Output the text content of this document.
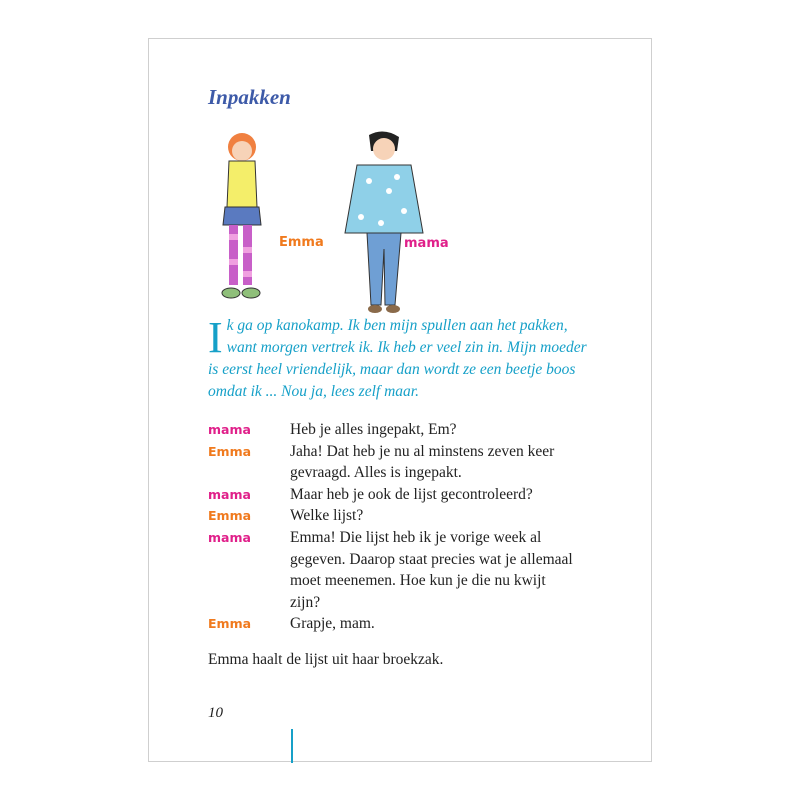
Inpakken
Emma	mama
I k ga op kanokamp. Ik ben mijn spullen aan het pakken, want morgen vertrek ik. Ik heb er veel zin in. Mijn moeder is eerst heel vriendelijk, maar dan wordt ze een beetje boos omdat ik ... Nou ja, lees zelf maar.
mama	Heb je alles ingepakt, Em?
Emma	Jaha! Dat heb je nu al minstens zeven keer
gevraagd. Alles is ingepakt.
mama	Maar heb je ook de lijst gecontroleerd?
Emma	Welke lijst?
mama	Emma! Die lijst heb ik je vorige week al
gegeven. Daarop staat precies wat je allemaal
moet meenemen. Hoe kun je die nu kwijt
zijn?
Emma	Grapje, mam.
Emma haalt de lijst uit haar broekzak.
10
